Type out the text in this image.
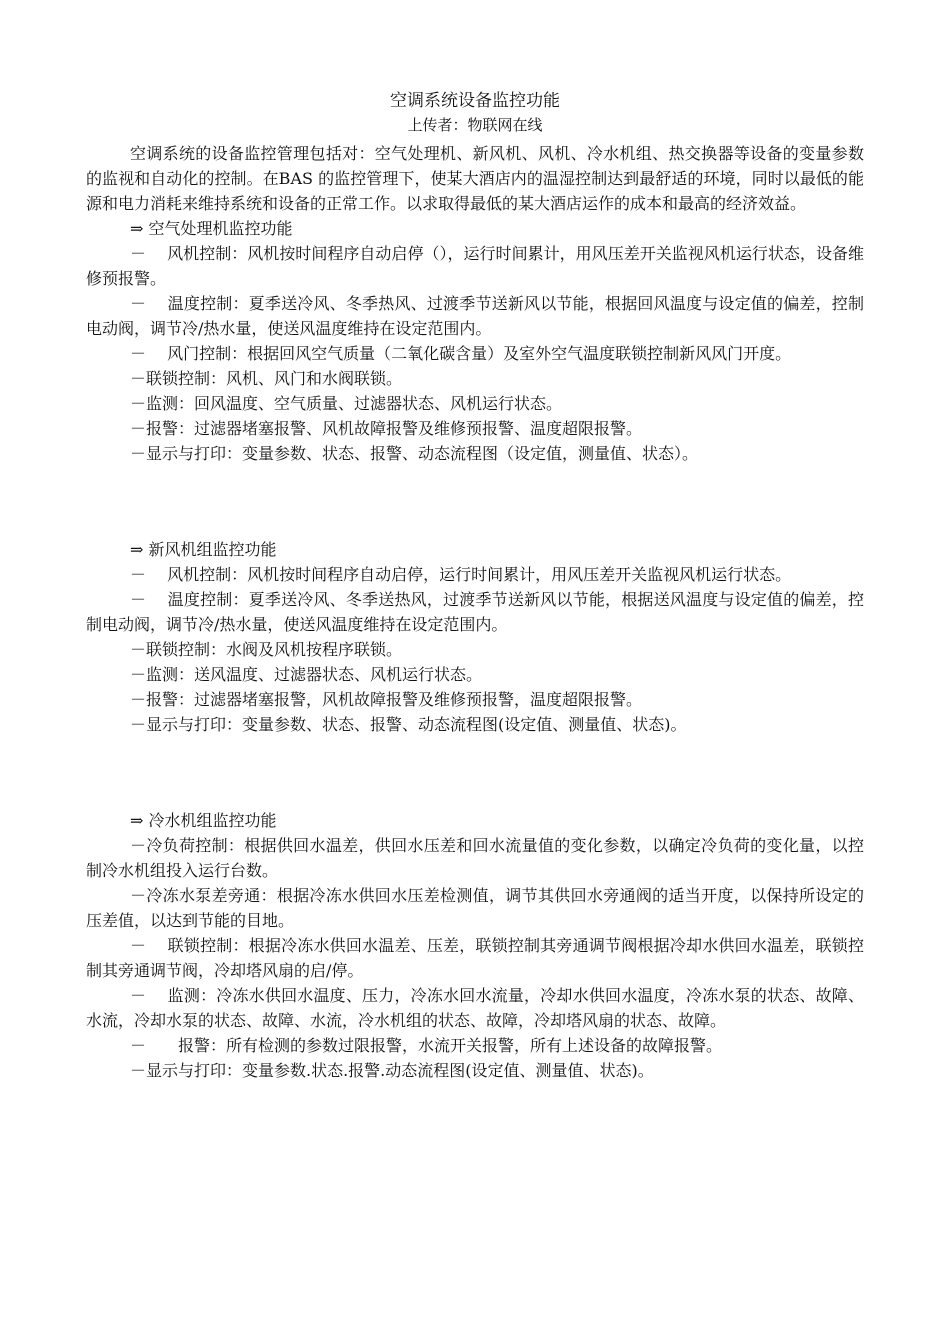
空调系统设备监控功能

上传者：物联网在线

空调系统的设备监控管理包括对：空气处理机、新风机、风机、冷水机组、热交换器等设备的变量参数的监视和自动化的控制。在BAS 的监控管理下，使某大酒店内的温湿控制达到最舒适的环境，同时以最低的能源和电力消耗来维持系统和设备的正常工作。以求取得最低的某大酒店运作的成本和最高的经济效益。

⇒ 空气处理机监控功能

－　 风机控制：风机按时间程序自动启停（），运行时间累计，用风压差开关监视风机运行状态，设备维修预报警。

－　 温度控制：夏季送冷风、冬季热风、过渡季节送新风以节能，根据回风温度与设定值的偏差，控制电动阀，调节冷/热水量，使送风温度维持在设定范围内。

－　 风门控制：根据回风空气质量（二氧化碳含量）及室外空气温度联锁控制新风风门开度。

－联锁控制：风机、风门和水阀联锁。

－监测：回风温度、空气质量、过滤器状态、风机运行状态。

－报警：过滤器堵塞报警、风机故障报警及维修预报警、温度超限报警。

－显示与打印：变量参数、状态、报警、动态流程图（设定值，测量值、状态）。

⇒ 新风机组监控功能

－　 风机控制：风机按时间程序自动启停，运行时间累计，用风压差开关监视风机运行状态。

－　 温度控制：夏季送冷风、冬季送热风，过渡季节送新风以节能，根据送风温度与设定值的偏差，控制电动阀，调节冷/热水量，使送风温度维持在设定范围内。

－联锁控制：水阀及风机按程序联锁。

－监测：送风温度、过滤器状态、风机运行状态。

－报警：过滤器堵塞报警，风机故障报警及维修预报警，温度超限报警。

－显示与打印：变量参数、状态、报警、动态流程图(设定值、测量值、状态)。

⇒ 冷水机组监控功能

－冷负荷控制：根据供回水温差，供回水压差和回水流量值的变化参数，以确定冷负荷的变化量，以控制冷水机组投入运行台数。

－冷冻水泵差旁通：根据冷冻水供回水压差检测值，调节其供回水旁通阀的适当开度，以保持所设定的压差值，以达到节能的目地。

－　 联锁控制：根据冷冻水供回水温差、压差，联锁控制其旁通调节阀根据冷却水供回水温差，联锁控制其旁通调节阀，冷却塔风扇的启/停。

－　 监测：冷冻水供回水温度、压力，冷冻水回水流量，冷却水供回水温度，冷冻水泵的状态、故障、水流，冷却水泵的状态、故障、水流，冷水机组的状态、故障，冷却塔风扇的状态、故障。

－　　报警：所有检测的参数过限报警，水流开关报警，所有上述设备的故障报警。

－显示与打印：变量参数.状态.报警.动态流程图(设定值、测量值、状态)。
